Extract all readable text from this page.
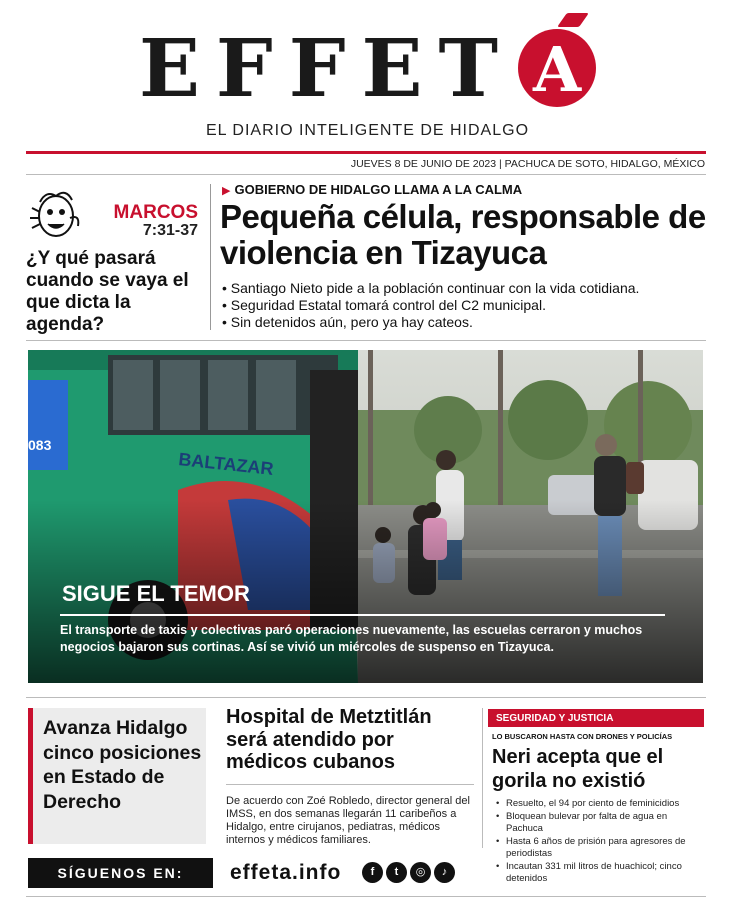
EFFET A
EL DIARIO INTELIGENTE DE HIDALGO
JUEVES 8 DE JUNIO DE 2023 | PACHUCA DE SOTO, HIDALGO, MÉXICO
MARCOS
7:31-37
¿Y qué pasará cuando se vaya el que dicta la agenda?
▶ GOBIERNO DE HIDALGO LLAMA A LA CALMA
Pequeña célula, responsable de violencia en Tizayuca
• Santiago Nieto pide a la población continuar con la vida cotidiana.
• Seguridad Estatal tomará control del C2 municipal.
• Sin detenidos aún, pero ya hay cateos.
BALTAZAR
083
SIGUE EL TEMOR
El transporte de taxis y colectivas paró operaciones nuevamente, las escuelas cerraron y muchos negocios bajaron sus cortinas. Así se vivió un miércoles de suspenso en Tizayuca.
Avanza Hidalgo cinco posiciones en Estado de Derecho
Hospital de Metztitlán será atendido por médicos cubanos
De acuerdo con Zoé Robledo, director general del IMSS, en dos semanas llegarán 11 caribeños a Hidalgo, entre cirujanos, pediatras, médicos internos y médicos familiares.
SEGURIDAD Y JUSTICIA
LO BUSCARON HASTA CON DRONES Y POLICÍAS
Neri acepta que el gorila no existió
• Resuelto, el 94 por ciento de feminicidios
• Bloquean bulevar por falta de agua en Pachuca
• Hasta 6 años de prisión para agresores de periodistas
• Incautan 331 mil litros de huachicol; cinco detenidos
SÍGUENOS EN:	effeta.info	f	t	◎	♪
